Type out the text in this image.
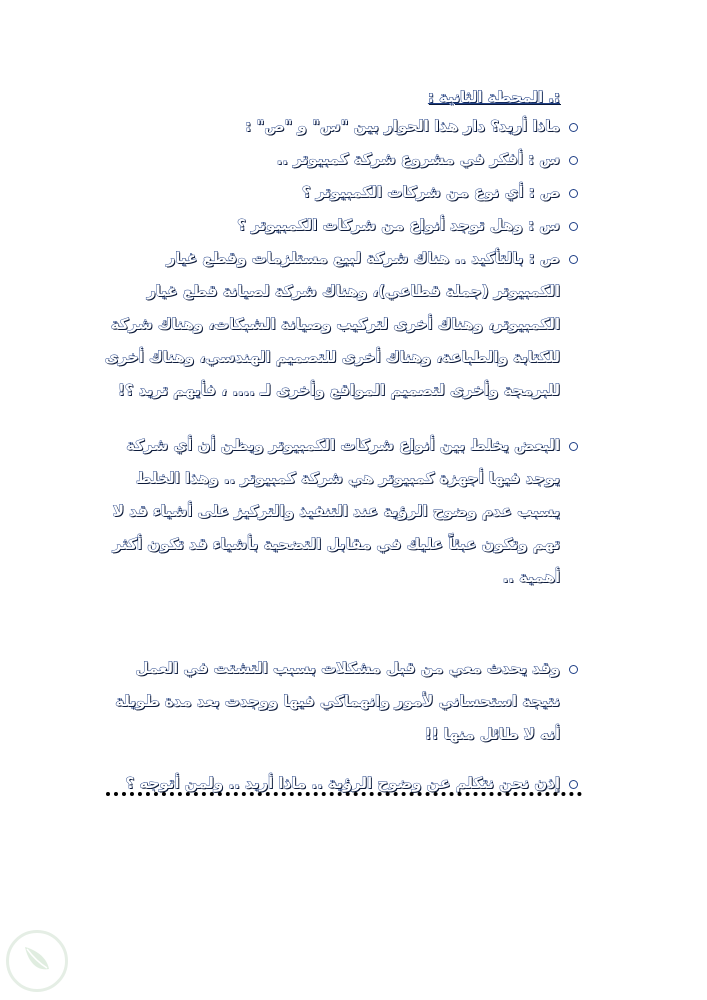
:. المحطة الثانية :
ماذا أريد؟ دار هذا الحوار بين "س" و "ص" :
س : أفكر في مشروع شركة كمبيوتر ..
ص : أي نوع من شركات الكمبيوتر ؟
س : وهل توجد أنواع من شركات الكمبيوتر ؟
ص : بالتأكيد .. هناك شركة لبيع مستلزمات وقطع غيار الكمبيوتر (جملة قطاعي)، وهناك شركة لصيانة قطع غيار الكمبيوتر، وهناك أخرى لتركيب وصيانة الشبكات، وهناك شركة للكتابة والطباعة، وهناك أخرى للتصميم الهندسي، وهناك أخرى للبرمجة وأخرى لتصميم المواقع وأخرى لـ .... ، فأيهم تريد ؟!
البعض يخلط بين أنواع شركات الكمبيوتر ويظن أن أي شركة يوجد فيها أجهزة كمبيوتر هي شركة كمبيوتر .. وهذا الخلط يسبب عدم وضوح الرؤية عند التنفيذ والتركيز على أشياء قد لا تهم وتكون عبئاً عليك في مقابل التضحية بأشياء قد تكون أكثر أهمية ..
وقد يحدث معي من قبل مشكلات بسبب التشتت في العمل نتيجة استحساني لأمور وانهماكي فيها ووجدت بعد مدة طويلة أنه لا طائل منها !!
إذن نحن نتكلم عن وضوح الرؤية .. ماذا أريد .. ولمن أتوجه ؟
